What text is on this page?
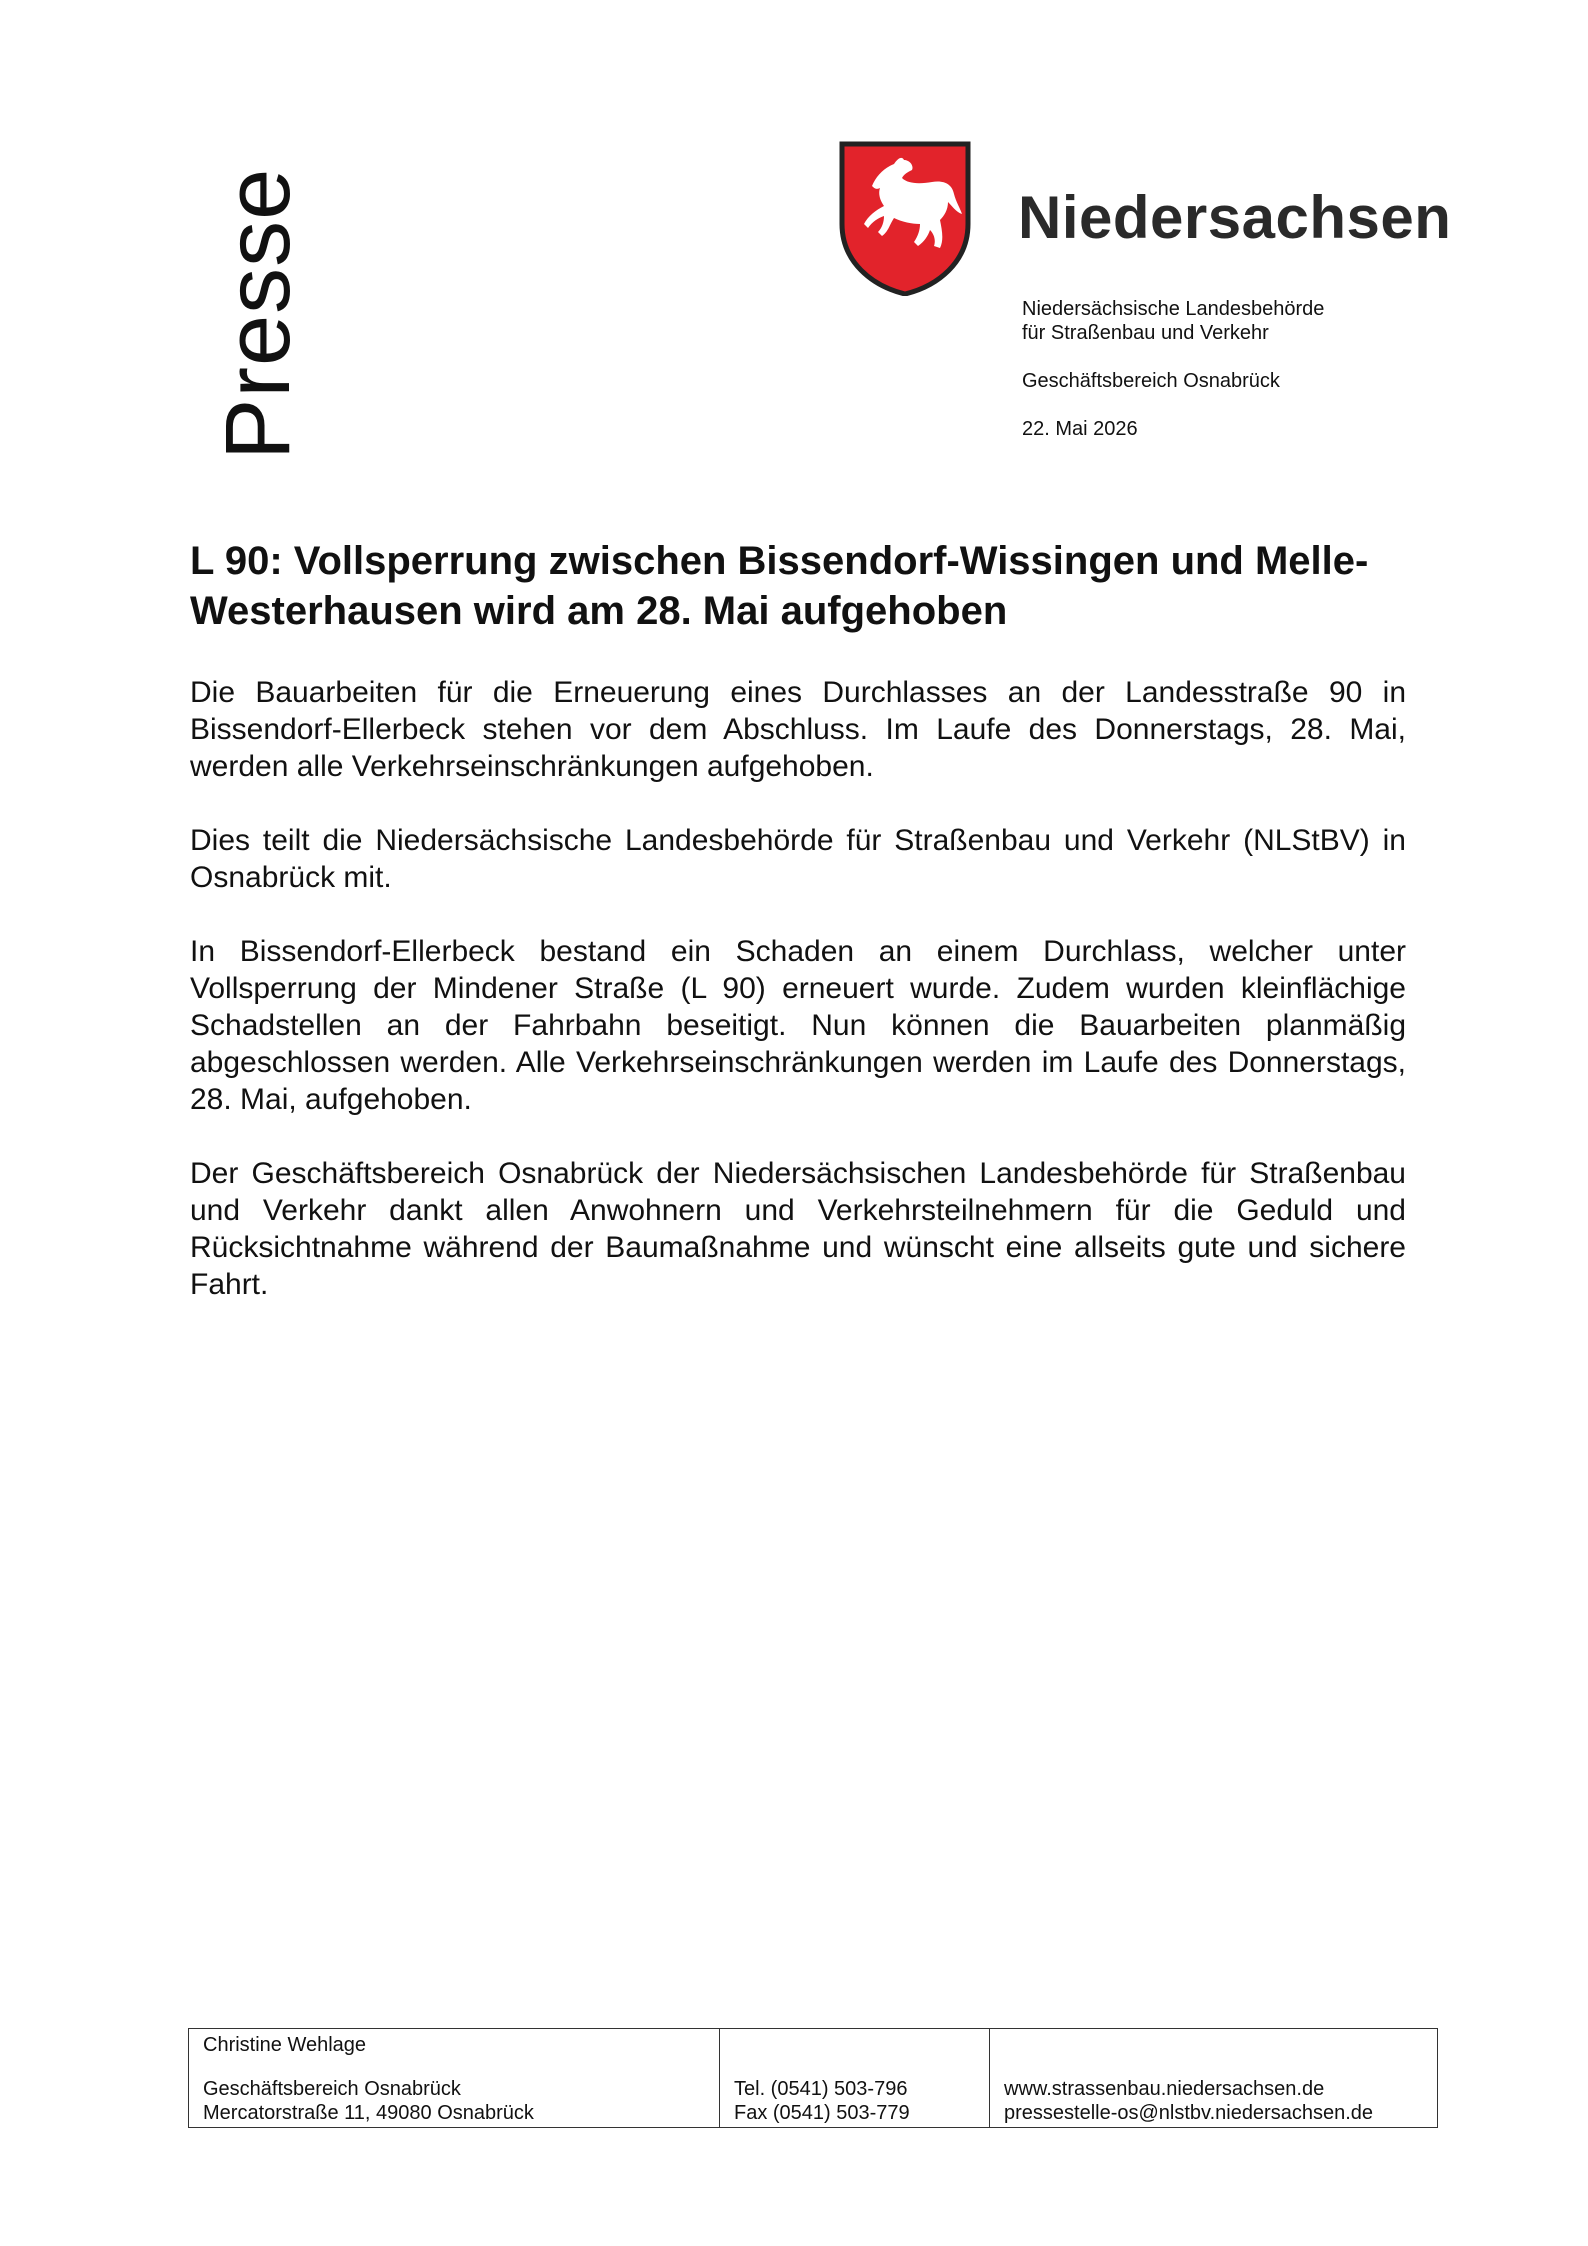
Presse	Niedersachsen
Niedersächsische Landesbehörde
für Straßenbau und Verkehr
Geschäftsbereich Osnabrück
22. Mai 2026
L 90: Vollsperrung zwischen Bissendorf-Wissingen und Melle-Westerhausen wird am 28. Mai aufgehoben

Die Bauarbeiten für die Erneuerung eines Durchlasses an der Landesstraße 90 in Bissendorf-Ellerbeck stehen vor dem Abschluss. Im Laufe des Donnerstags, 28. Mai, werden alle Verkehrseinschränkungen aufgehoben.

Dies teilt die Niedersächsische Landesbehörde für Straßenbau und Verkehr (NLStBV) in Osnabrück mit.

In Bissendorf-Ellerbeck bestand ein Schaden an einem Durchlass, welcher unter Vollsperrung der Mindener Straße (L 90) erneuert wurde. Zudem wurden kleinflächige Schadstellen an der Fahrbahn beseitigt. Nun können die Bauarbeiten planmäßig abgeschlossen werden. Alle Verkehrseinschränkungen werden im Laufe des Donnerstags, 28. Mai, aufgehoben.

Der Geschäftsbereich Osnabrück der Niedersächsischen Landesbehörde für Straßenbau und Verkehr dankt allen Anwohnern und Verkehrsteilnehmern für die Geduld und Rücksichtnahme während der Baumaßnahme und wünscht eine allseits gute und sichere Fahrt.

Christine Wehlage
Geschäftsbereich Osnabrück
Mercatorstraße 11, 49080 Osnabrück
Tel. (0541) 503-796
Fax (0541) 503-779
www.strassenbau.niedersachsen.de
pressestelle-os@nlstbv.niedersachsen.de
